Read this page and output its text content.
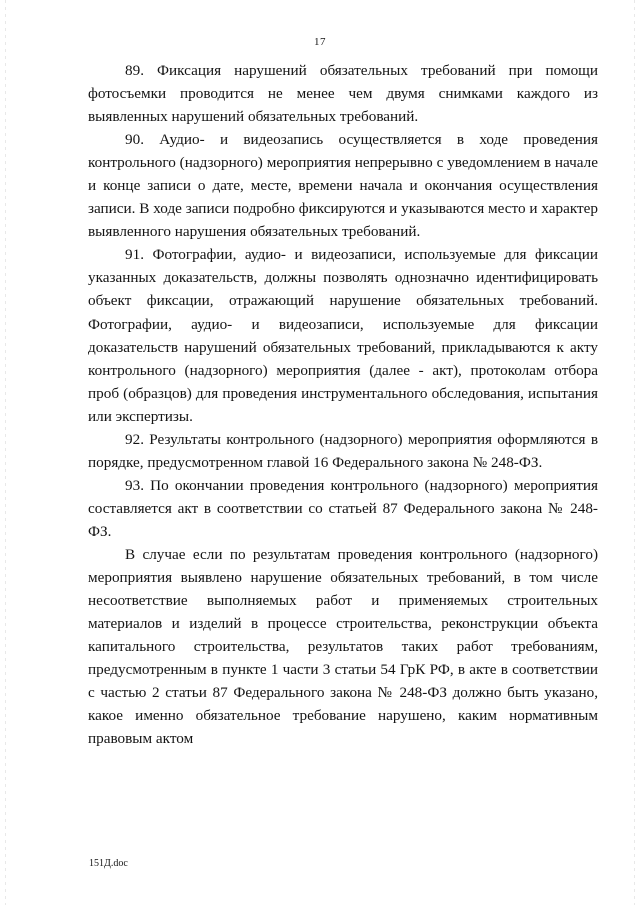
17

89. Фиксация нарушений обязательных требований при помощи фотосъемки проводится не менее чем двумя снимками каждого из выявленных нарушений обязательных требований.

90. Аудио- и видеозапись осуществляется в ходе проведения контрольного (надзорного) мероприятия непрерывно с уведомлением в начале и конце записи о дате, месте, времени начала и окончания осуществления записи. В ходе записи подробно фиксируются и указываются место и характер выявленного нарушения обязательных требований.

91. Фотографии, аудио- и видеозаписи, используемые для фиксации указанных доказательств, должны позволять однозначно идентифицировать объект фиксации, отражающий нарушение обязательных требований. Фотографии, аудио- и видеозаписи, используемые для фиксации доказательств нарушений обязательных требований, прикладываются к акту контрольного (надзорного) мероприятия (далее - акт), протоколам отбора проб (образцов) для проведения инструментального обследования, испытания или экспертизы.

92. Результаты контрольного (надзорного) мероприятия оформляются в порядке, предусмотренном главой 16 Федерального закона № 248-ФЗ.

93. По окончании проведения контрольного (надзорного) мероприятия составляется акт в соответствии со статьей 87 Федерального закона № 248-ФЗ.

В случае если по результатам проведения контрольного (надзорного) мероприятия выявлено нарушение обязательных требований, в том числе несоответствие выполняемых работ и применяемых строительных материалов и изделий в процессе строительства, реконструкции объекта капитального строительства, результатов таких работ требованиям, предусмотренным в пункте 1 части 3 статьи 54 ГрК РФ, в акте в соответствии с частью 2 статьи 87 Федерального закона № 248-ФЗ должно быть указано, какое именно обязательное требование нарушено, каким нормативным правовым актом

151Д.doc
